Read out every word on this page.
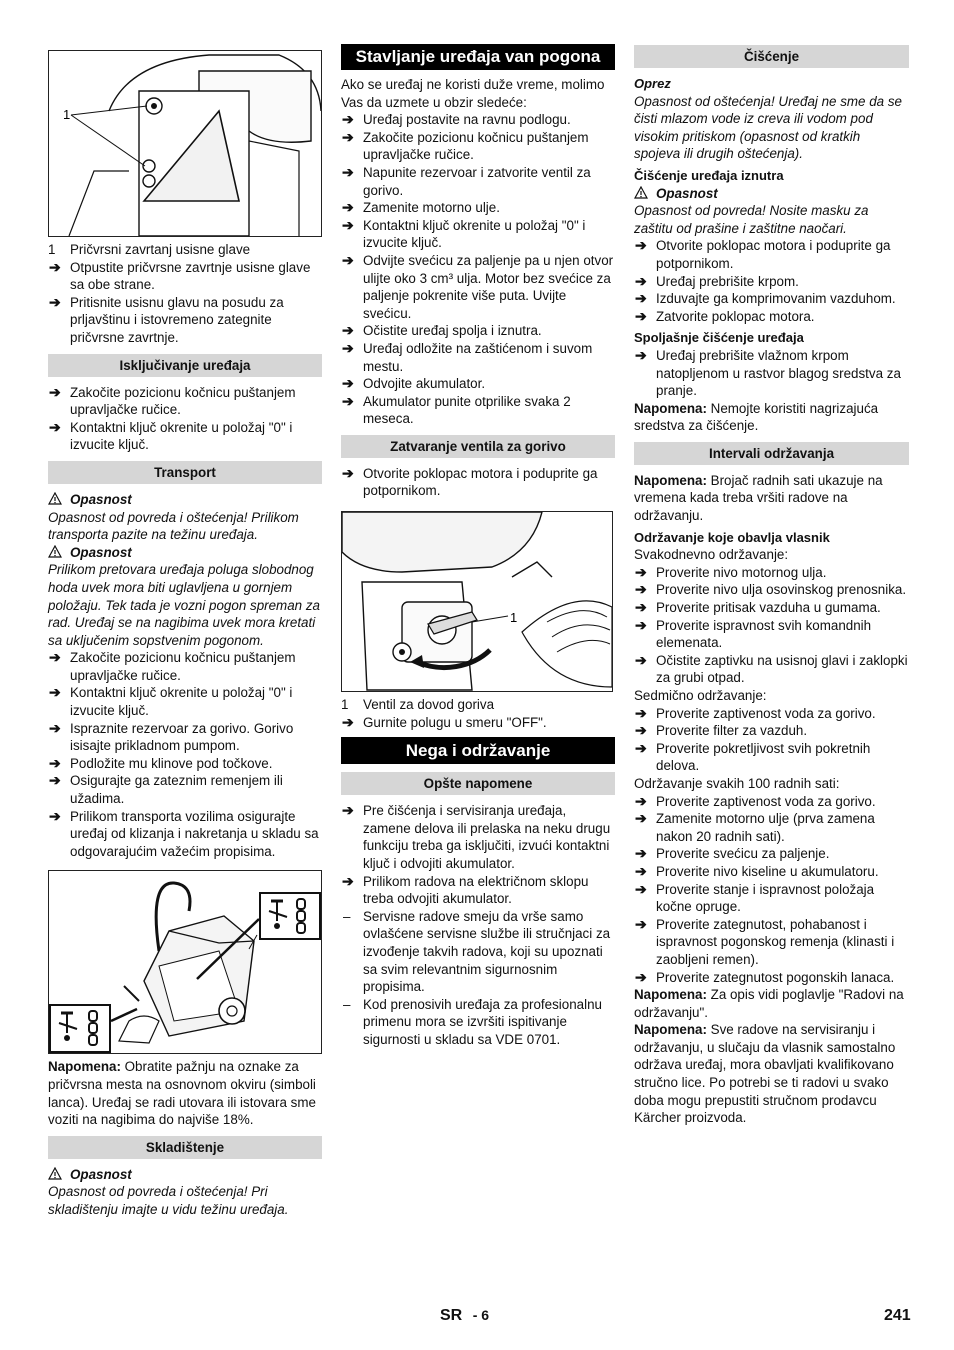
1
1 Pričvrsni zavrtanj usisne glave
➔ Otpustite pričvrsne zavrtnje usisne glave sa obe strane.
➔ Pritisnite usisnu glavu na posudu za prljavštinu i istovremeno zategnite pričvrsne zavrtnje.
Isključivanje uređaja
➔ Zakočite pozicionu kočnicu puštanjem upravljačke ručice.
➔ Kontaktni ključ okrenite u položaj "0" i izvucite ključ.
Transport
Opasnost

Opasnost od povreda i oštećenja! Prilikom transporta pazite na težinu uređaja.

Opasnost

Prilikom pretovara uređaja poluga slobodnog hoda uvek mora biti uglavljena u gornjem položaju. Tek tada je vozni pogon spreman za rad. Uređaj se na nagibima uvek mora kretati sa uključenim sopstvenim pogonom.

➔ Zakočite pozicionu kočnicu puštanjem upravljačke ručice.
➔ Kontaktni ključ okrenite u položaj "0" i izvucite ključ.
➔ Ispraznite rezervoar za gorivo. Gorivo isisajte prikladnom pumpom.
➔ Podložite mu klinove pod točkove.
➔ Osigurajte ga zateznim remenjem ili užadima.
➔ Prilikom transporta vozilima osigurajte uređaj od klizanja i nakretanja u skladu sa odgovarajućim važećim propisima.

Napomena: Obratite pažnju na oznake za pričvrsna mesta na osnovnom okviru (simboli lanca). Uređaj se radi utovara ili istovara sme voziti na nagibima do najviše 18%.

Skladištenje
Opasnost

Opasnost od povreda i oštećenja! Pri skladištenju imajte u vidu težinu uređaja.

Stavljanje uređaja van pogona

Ako se uređaj ne koristi duže vreme, molimo Vas da uzmete u obzir sledeće:

➔ Uređaj postavite na ravnu podlogu.
➔ Zakočite pozicionu kočnicu puštanjem upravljačke ručice.
➔ Napunite rezervoar i zatvorite ventil za gorivo.
➔ Zamenite motorno ulje.
➔ Kontaktni ključ okrenite u položaj "0" i izvucite ključ.
➔ Odvijte svećicu za paljenje pa u njen otvor ulijte oko 3 cm³ ulja. Motor bez svećice za paljenje pokrenite više puta. Uvijte svećicu.
➔ Očistite uređaj spolja i iznutra.
➔ Uređaj odložite na zaštićenom i suvom mestu.
➔ Odvojite akumulator.
➔ Akumulator punite otprilike svaka 2 meseca.
Zatvaranje ventila za gorivo
➔ Otvorite poklopac motora i poduprite ga potpornikom.
1
1 Ventil za dovod goriva
➔ Gurnite polugu u smeru "OFF".
Nega i održavanje
Opšte napomene
➔ Pre čišćenja i servisiranja uređaja, zamene delova ili prelaska na neku drugu funkciju treba ga isključiti, izvući kontaktni ključ i odvojiti akumulator.
➔ Prilikom radova na električnom sklopu treba odvojiti akumulator.
– Servisne radove smeju da vrše samo ovlašćene servisne službe ili stručnjaci za izvođenje takvih radova, koji su upoznati sa svim relevantnim sigurnosnim propisima.
– Kod prenosivih uređaja za profesionalnu primenu mora se izvršiti ispitivanje sigurnosti u skladu sa VDE 0701.
Čišćenje

Oprez

Opasnost od oštećenja! Uređaj ne sme da se čisti mlazom vode iz creva ili vodom pod visokim pritiskom (opasnost od kratkih spojeva ili drugih oštećenja).

Čišćenje uređaja iznutra

Opasnost

Opasnost od povreda! Nosite masku za zaštitu od prašine i zaštitne naočari.

➔ Otvorite poklopac motora i poduprite ga potpornikom.
➔ Uređaj prebrišite krpom.
➔ Izduvajte ga komprimovanim vazduhom.
➔ Zatvorite poklopac motora.

Spoljašnje čišćenje uređaja

➔ Uređaj prebrišite vlažnom krpom natopljenom u rastvor blagog sredstva za pranje.

Napomena: Nemojte koristiti nagrizajuća sredstva za čišćenje.

Intervali održavanja

Napomena: Brojač radnih sati ukazuje na vremena kada treba vršiti radove na održavanju.

Održavanje koje obavlja vlasnik

Svakodnevno održavanje:

➔ Proverite nivo motornog ulja.
➔ Proverite nivo ulja osovinskog prenosnika.
➔ Proverite pritisak vazduha u gumama.
➔ Proverite ispravnost svih komandnih elemenata.
➔ Očistite zaptivku na usisnoj glavi i zaklopki za grubi otpad.

Sedmično održavanje:

➔ Proverite zaptivenost voda za gorivo.
➔ Proverite filter za vazduh.
➔ Proverite pokretljivost svih pokretnih delova.

Održavanje svakih 100 radnih sati:

➔ Proverite zaptivenost voda za gorivo.
➔ Zamenite motorno ulje (prva zamena nakon 20 radnih sati).
➔ Proverite svećicu za paljenje.
➔ Proverite nivo kiseline u akumulatoru.
➔ Proverite stanje i ispravnost položaja kočne opruge.
➔ Proverite zategnutost, pohabanost i ispravnost pogonskog remenja (klinasti i zaobljeni remen).
➔ Proverite zategnutost pogonskih lanaca.

Napomena: Za opis vidi poglavlje "Radovi na održavanju".

Napomena: Sve radove na servisiranju i održavanju, u slučaju da vlasnik samostalno održava uređaj, mora obavljati kvalifikovano stručno lice. Po potrebi se ti radovi u svako doba mogu prepustiti stručnom prodavcu Kärcher proizvoda.

SR - 6	241
